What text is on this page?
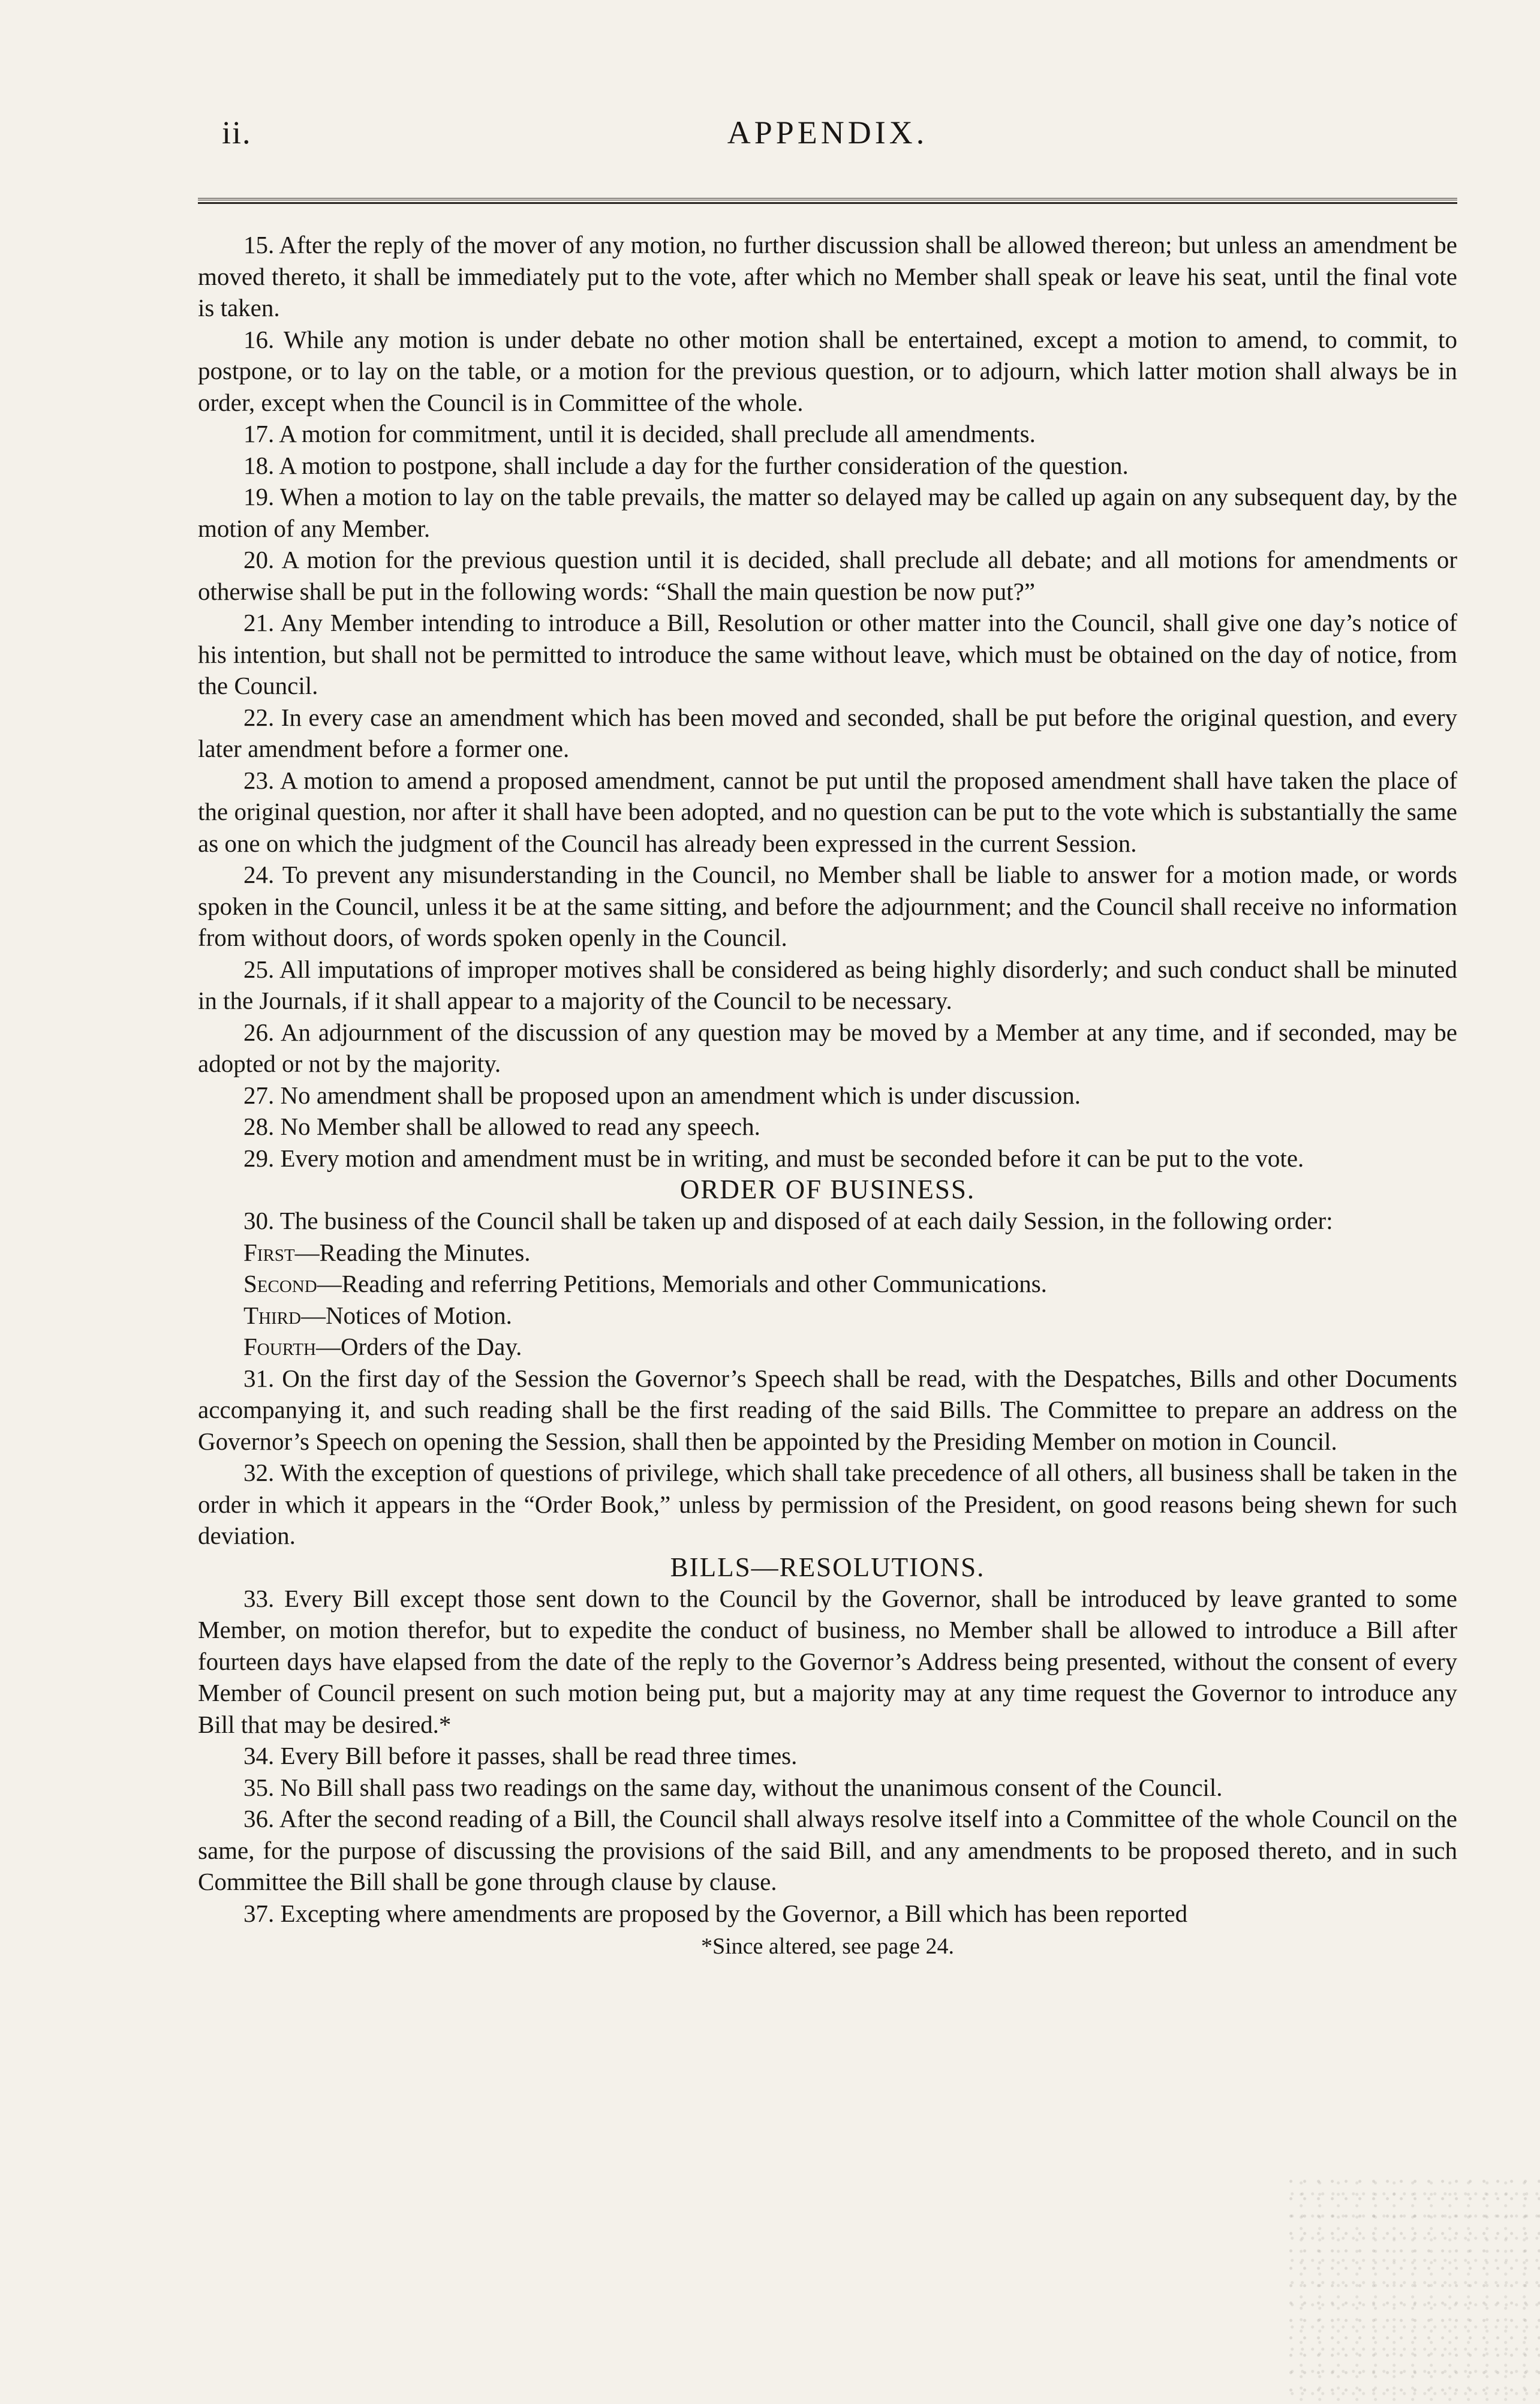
ii.	APPENDIX.

15. After the reply of the mover of any motion, no further discussion shall be allowed thereon; but unless an amendment be moved thereto, it shall be immediately put to the vote, after which no Member shall speak or leave his seat, until the final vote is taken.

16. While any motion is under debate no other motion shall be entertained, except a motion to amend, to commit, to postpone, or to lay on the table, or a motion for the previous question, or to adjourn, which latter motion shall always be in order, except when the Council is in Committee of the whole.

17. A motion for commitment, until it is decided, shall preclude all amendments.

18. A motion to postpone, shall include a day for the further consideration of the question.

19. When a motion to lay on the table prevails, the matter so delayed may be called up again on any subsequent day, by the motion of any Member.

20. A motion for the previous question until it is decided, shall preclude all debate; and all motions for amendments or otherwise shall be put in the following words: “Shall the main question be now put?”

21. Any Member intending to introduce a Bill, Resolution or other matter into the Council, shall give one day’s notice of his intention, but shall not be permitted to introduce the same without leave, which must be obtained on the day of notice, from the Council.

22. In every case an amendment which has been moved and seconded, shall be put before the original question, and every later amendment before a former one.

23. A motion to amend a proposed amendment, cannot be put until the proposed amendment shall have taken the place of the original question, nor after it shall have been adopted, and no question can be put to the vote which is substantially the same as one on which the judgment of the Council has already been expressed in the current Session.

24. To prevent any misunderstanding in the Council, no Member shall be liable to answer for a motion made, or words spoken in the Council, unless it be at the same sitting, and before the adjournment; and the Council shall receive no information from without doors, of words spoken openly in the Council.

25. All imputations of improper motives shall be considered as being highly disorderly; and such conduct shall be minuted in the Journals, if it shall appear to a majority of the Council to be necessary.

26. An adjournment of the discussion of any question may be moved by a Member at any time, and if seconded, may be adopted or not by the majority.

27. No amendment shall be proposed upon an amendment which is under discussion.

28. No Member shall be allowed to read any speech.

29. Every motion and amendment must be in writing, and must be seconded before it can be put to the vote.

ORDER OF BUSINESS.

30. The business of the Council shall be taken up and disposed of at each daily Session, in the following order:

First—Reading the Minutes.

Second—Reading and referring Petitions, Memorials and other Communications.

Third—Notices of Motion.

Fourth—Orders of the Day.

31. On the first day of the Session the Governor’s Speech shall be read, with the Despatches, Bills and other Documents accompanying it, and such reading shall be the first reading of the said Bills. The Committee to prepare an address on the Governor’s Speech on opening the Session, shall then be appointed by the Presiding Member on motion in Council.

32. With the exception of questions of privilege, which shall take precedence of all others, all business shall be taken in the order in which it appears in the “Order Book,” unless by permission of the President, on good reasons being shewn for such deviation.

BILLS—RESOLUTIONS.

33. Every Bill except those sent down to the Council by the Governor, shall be introduced by leave granted to some Member, on motion therefor, but to expedite the conduct of business, no Member shall be allowed to introduce a Bill after fourteen days have elapsed from the date of the reply to the Governor’s Address being presented, without the consent of every Member of Council present on such motion being put, but a majority may at any time request the Governor to introduce any Bill that may be desired.*

34. Every Bill before it passes, shall be read three times.

35. No Bill shall pass two readings on the same day, without the unanimous consent of the Council.

36. After the second reading of a Bill, the Council shall always resolve itself into a Committee of the whole Council on the same, for the purpose of discussing the provisions of the said Bill, and any amendments to be proposed thereto, and in such Committee the Bill shall be gone through clause by clause.

37. Excepting where amendments are proposed by the Governor, a Bill which has been reported

*Since altered, see page 24.
